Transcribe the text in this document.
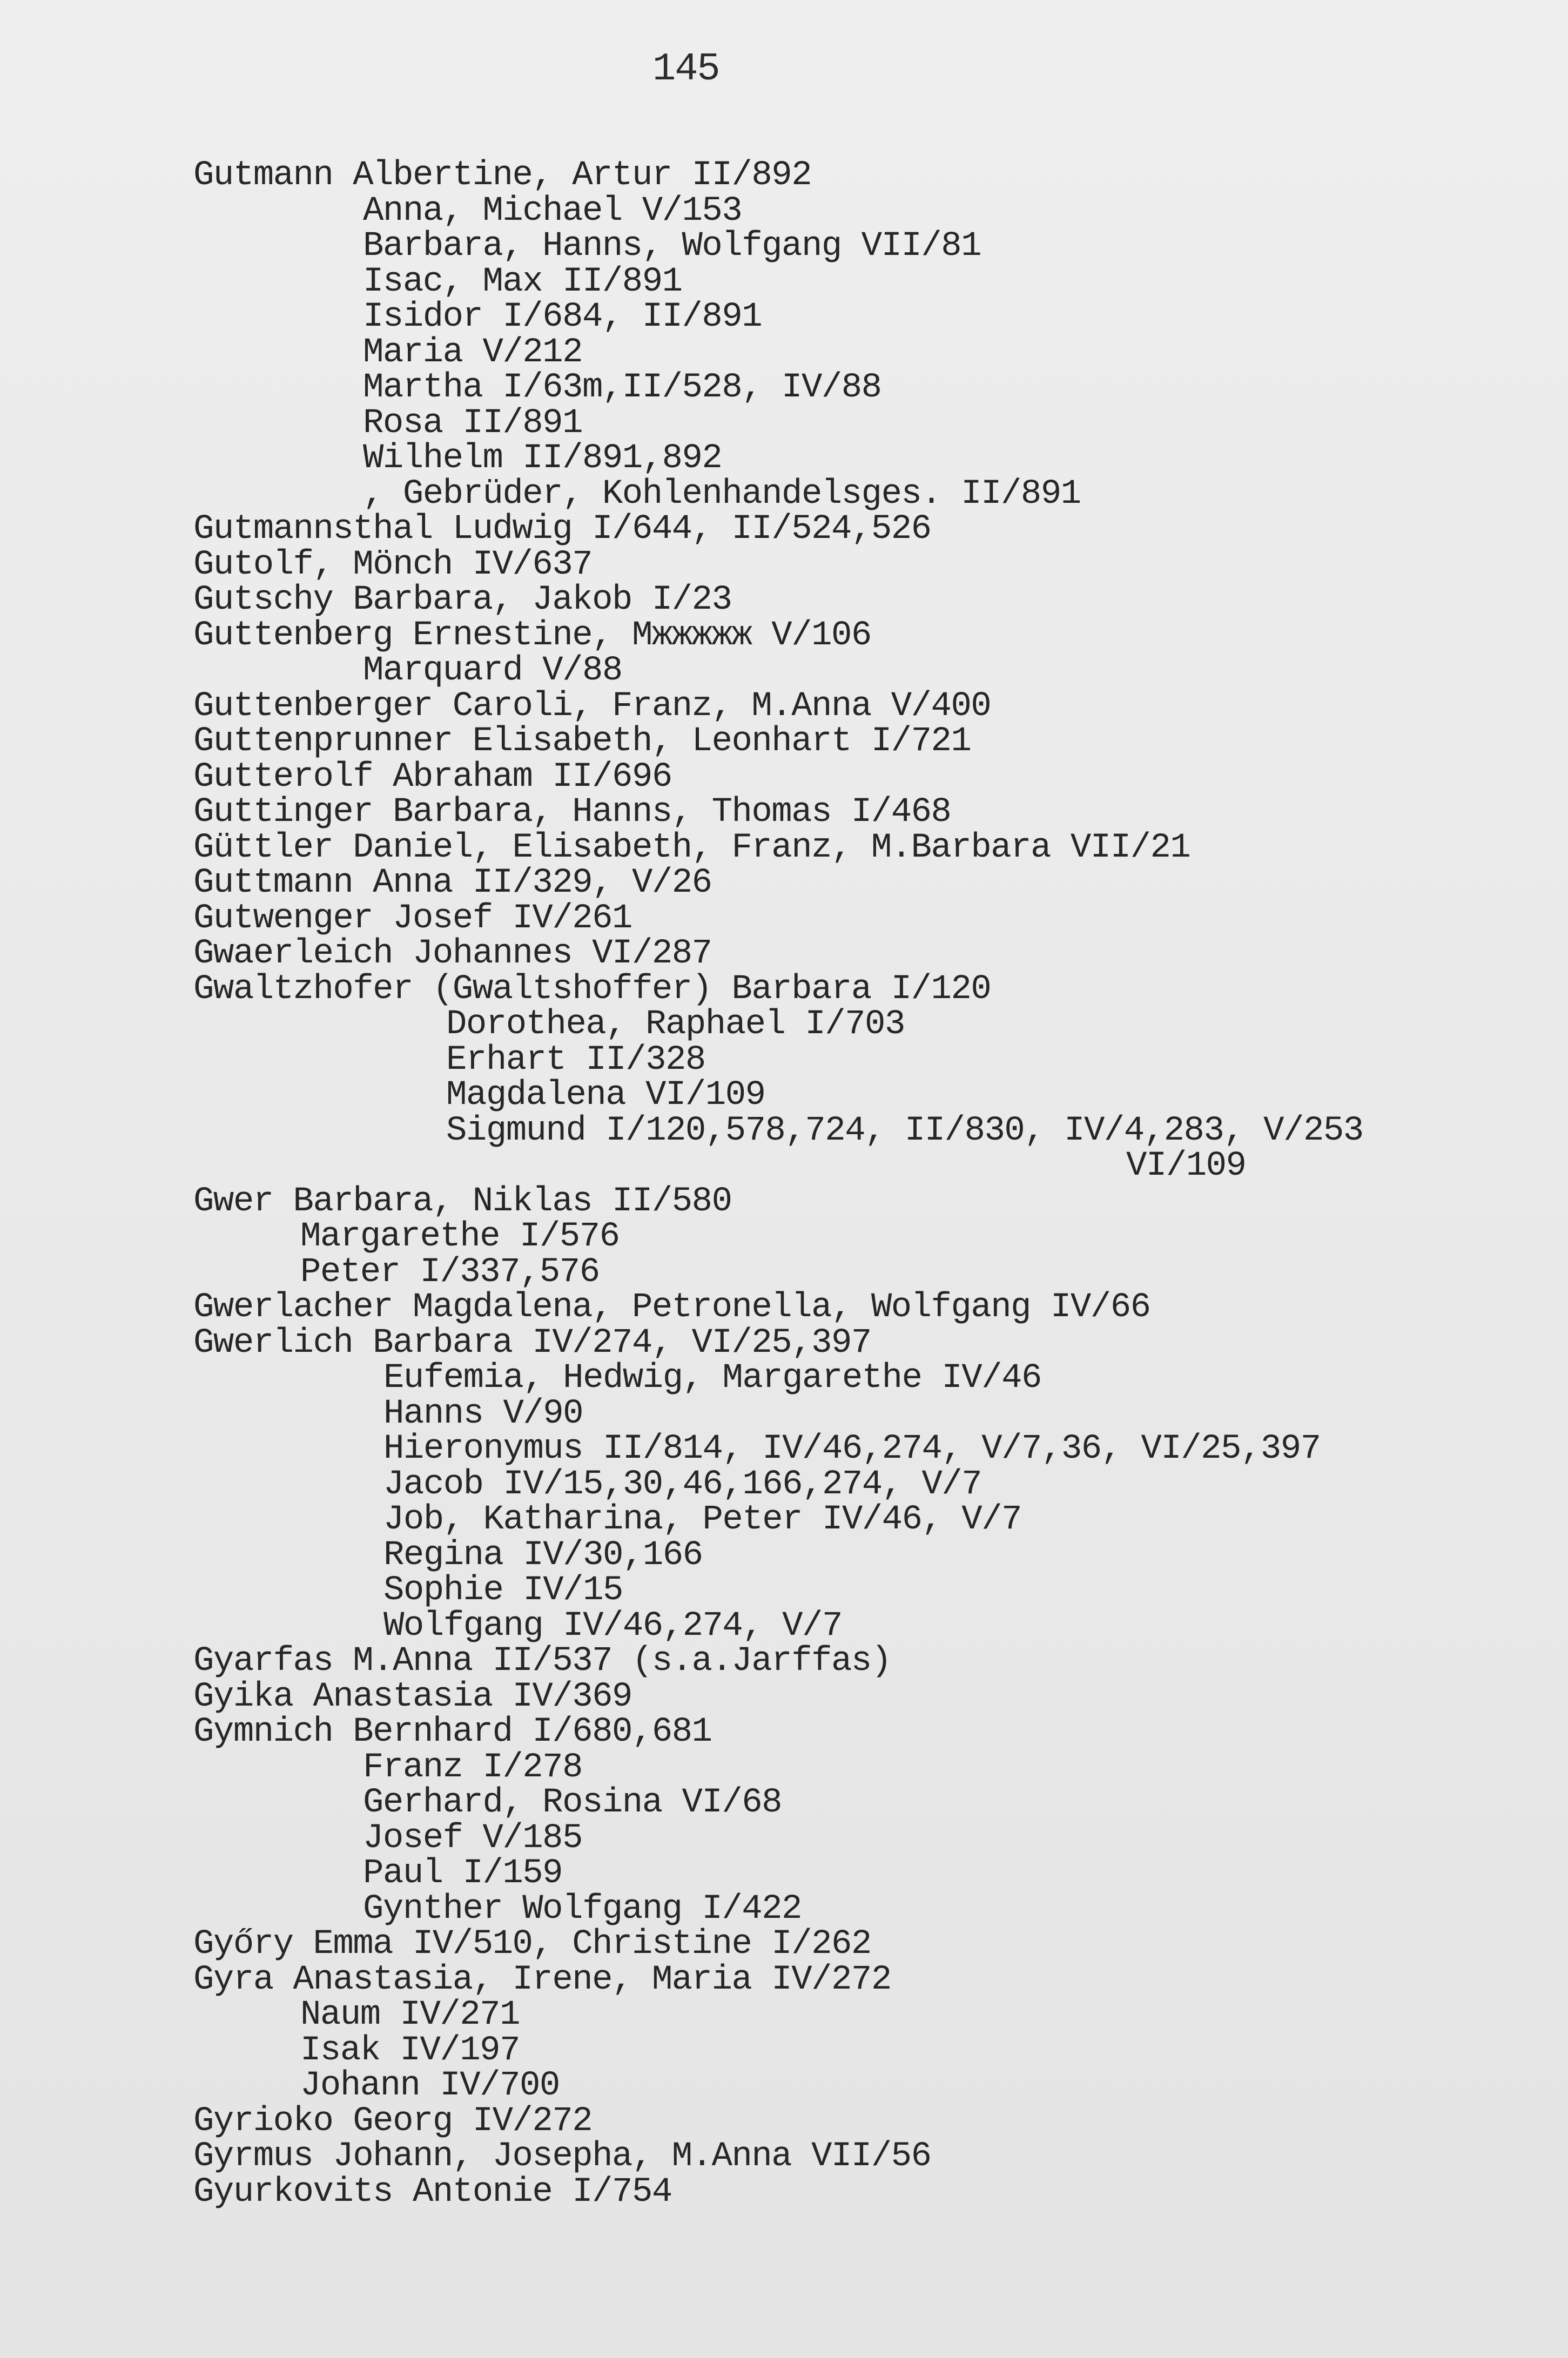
145

Gutmann Albertine, Artur II/892

Anna, Michael V/153

Barbara, Hanns, Wolfgang VII/81

Isac, Max II/891

Isidor I/684, II/891

Maria V/212

Martha I/63m,II/528, IV/88

Rosa II/891

Wilhelm II/891,892

, Gebrüder, Kohlenhandelsges. II/891

Gutmannsthal Ludwig I/644, II/524,526

Gutolf, Mönch IV/637

Gutschy Barbara, Jakob I/23

Guttenberg Ernestine, Мжжжжж V/106

Marquard V/88

Guttenberger Caroli, Franz, M.Anna V/400

Guttenprunner Elisabeth, Leonhart I/721

Gutterolf Abraham II/696

Guttinger Barbara, Hanns, Thomas I/468

Güttler Daniel, Elisabeth, Franz, M.Barbara VII/21

Guttmann Anna II/329, V/26

Gutwenger Josef IV/261

Gwaerleich Johannes VI/287

Gwaltzhofer (Gwaltshoffer) Barbara I/120

Dorothea, Raphael I/703

Erhart II/328

Magdalena VI/109

Sigmund I/120,578,724, II/830, IV/4,283, V/253

VI/109

Gwer Barbara, Niklas II/580

Margarethe I/576

Peter I/337,576

Gwerlacher Magdalena, Petronella, Wolfgang IV/66

Gwerlich Barbara IV/274, VI/25,397

Eufemia, Hedwig, Margarethe IV/46

Hanns V/90

Hieronymus II/814, IV/46,274, V/7,36, VI/25,397

Jacob IV/15,30,46,166,274, V/7

Job, Katharina, Peter IV/46, V/7

Regina IV/30,166

Sophie IV/15

Wolfgang IV/46,274, V/7

Gyarfas M.Anna II/537 (s.a.Jarffas)

Gyika Anastasia IV/369

Gymnich Bernhard I/680,681

Franz I/278

Gerhard, Rosina VI/68

Josef V/185

Paul I/159

Gynther Wolfgang I/422

Győry Emma IV/510, Christine I/262

Gyra Anastasia, Irene, Maria IV/272

Naum IV/271

Isak IV/197

Johann IV/700

Gyrioko Georg IV/272

Gyrmus Johann, Josepha, M.Anna VII/56

Gyurkovits Antonie I/754
